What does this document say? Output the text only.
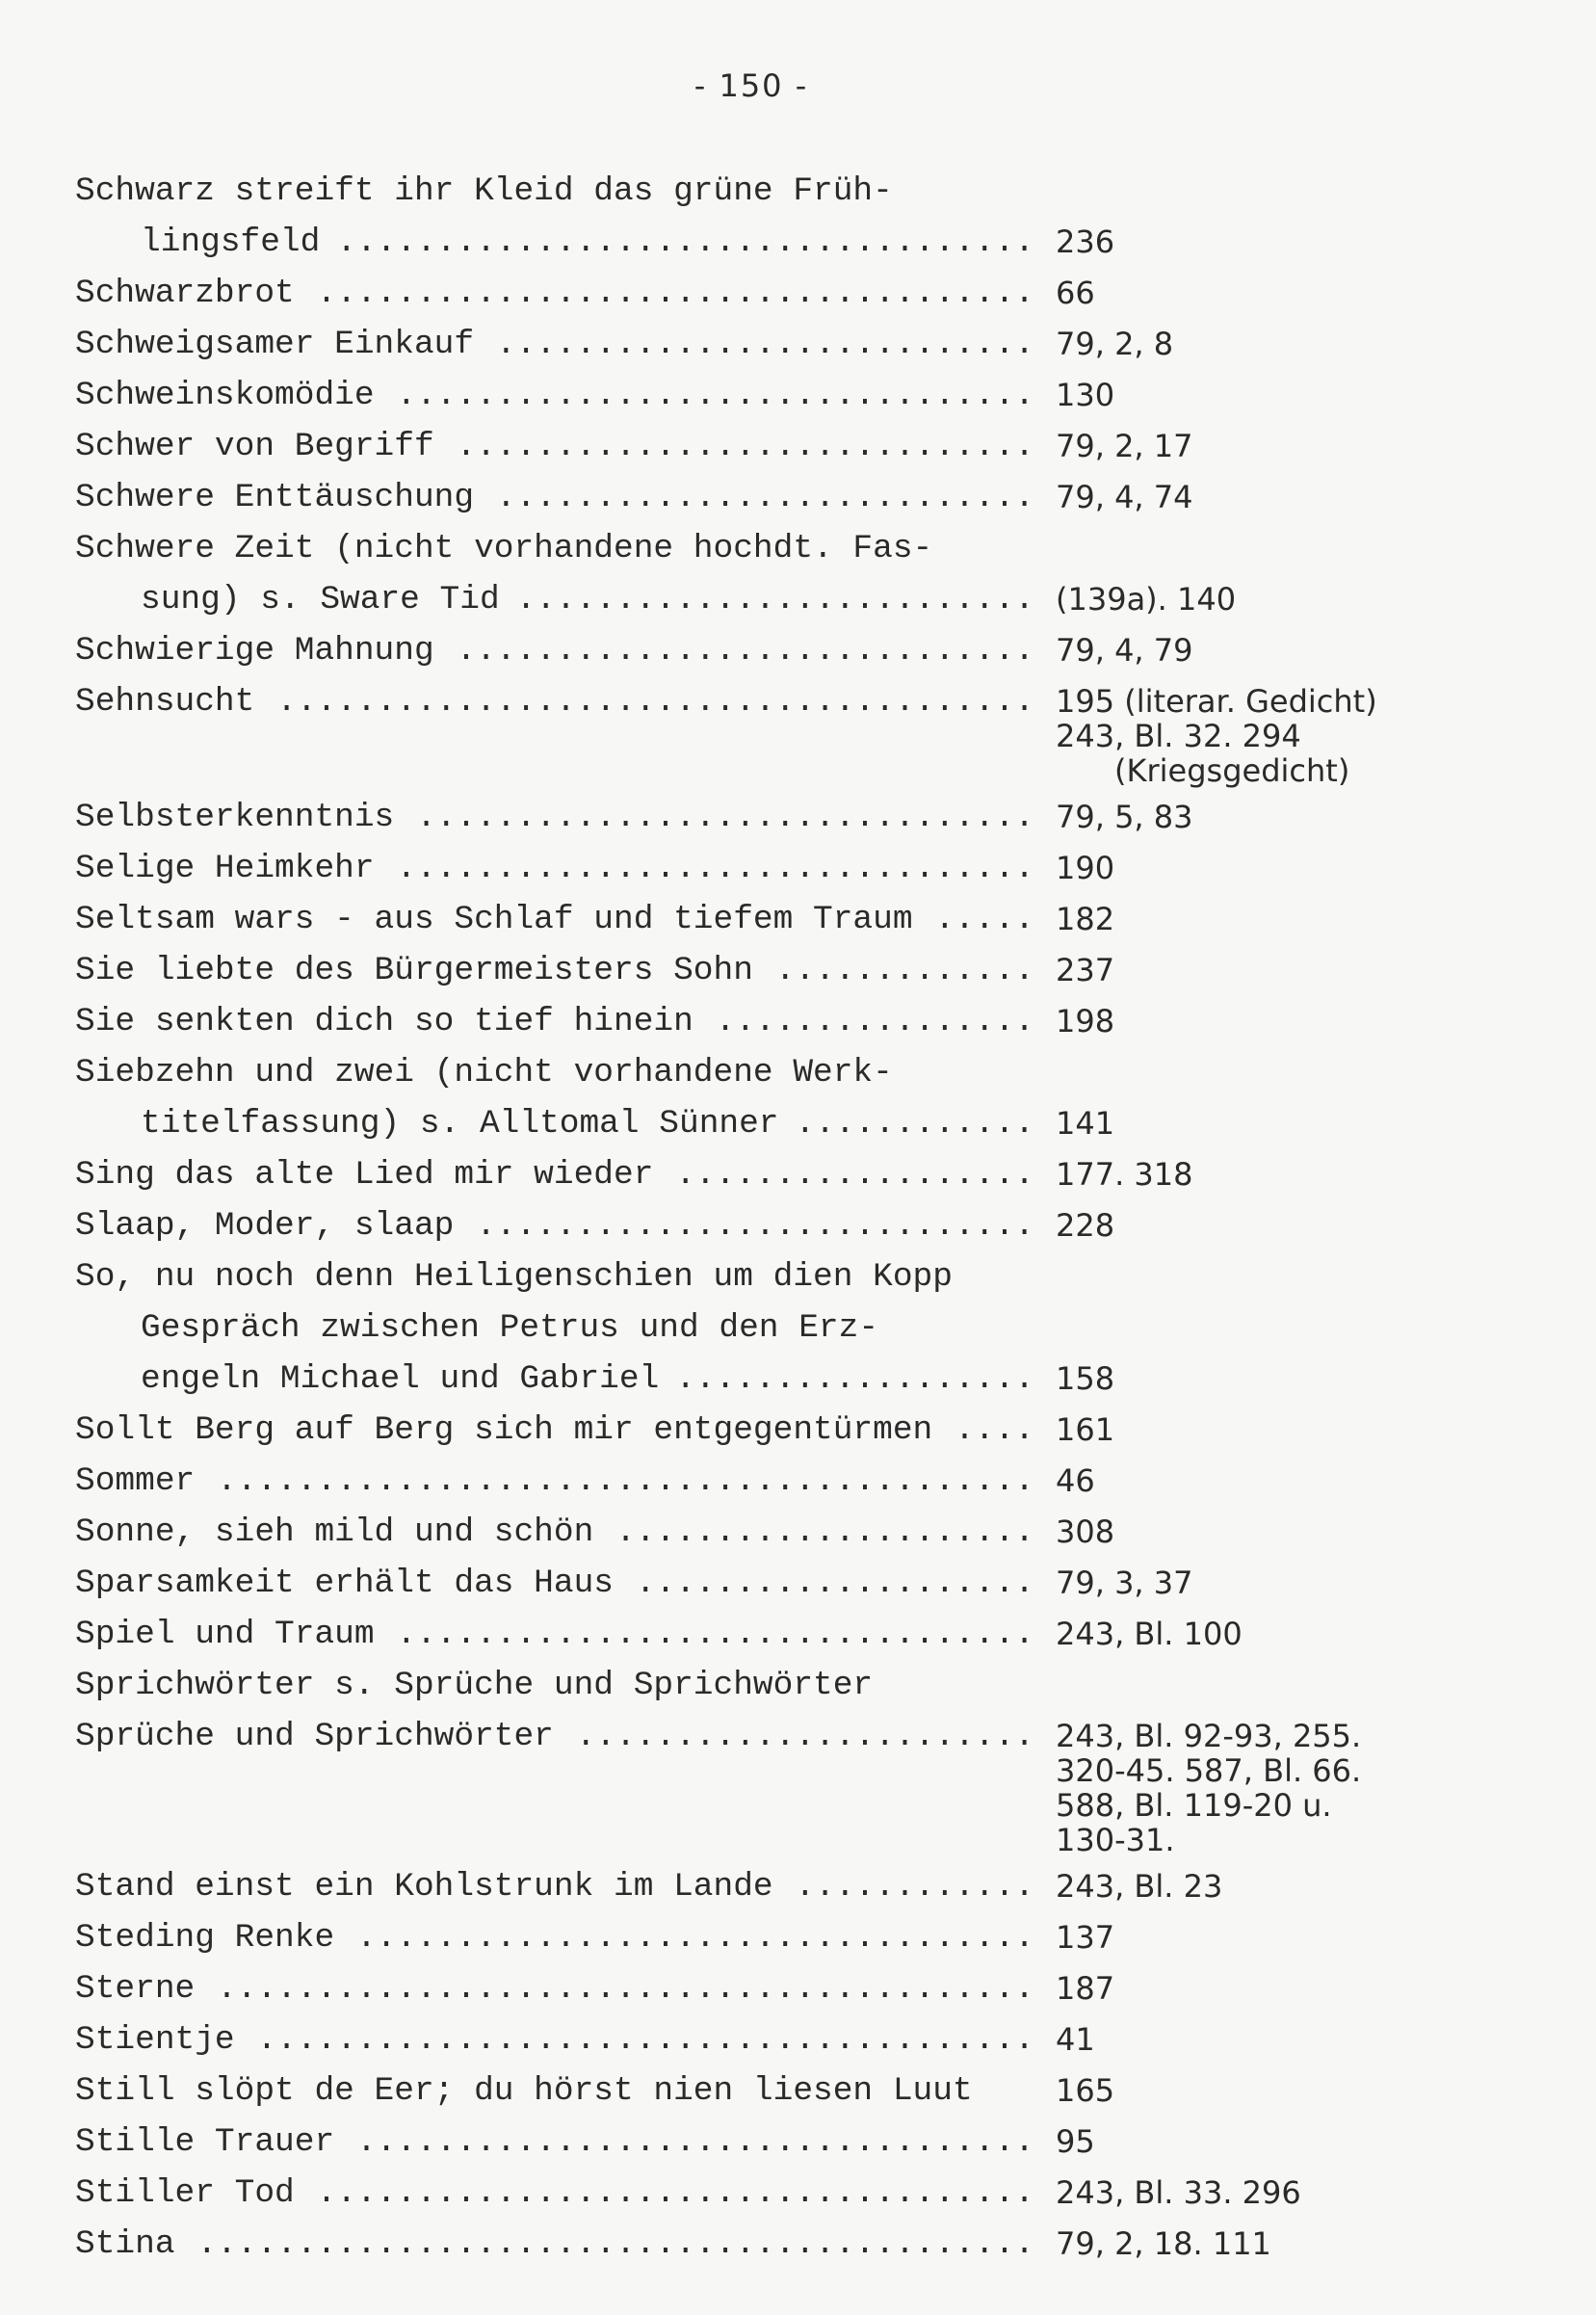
- 150 -
Schwarz streift ihr Kleid das grüne Früh-
lingsfeld ................................... 236
Schwarzbrot .................................... 66
Schweigsamer Einkauf ........................... 79, 2, 8
Schweinskomödie ................................ 130
Schwer von Begriff ............................. 79, 2, 17
Schwere Enttäuschung ........................... 79, 4, 74
Schwere Zeit (nicht vorhandene hochdt. Fas-
sung) s. Sware Tid .......................... (139a). 140
Schwierige Mahnung ............................. 79, 4, 79
Sehnsucht ...................................... 195 (literar. Gedicht)
243, Bl. 32. 294
(Kriegsgedicht)
Selbsterkenntnis ............................... 79, 5, 83
Selige Heimkehr ................................ 190
Seltsam wars - aus Schlaf und tiefem Traum ..... 182
Sie liebte des Bürgermeisters Sohn ............. 237
Sie senkten dich so tief hinein ................ 198
Siebzehn und zwei (nicht vorhandene Werk-
titelfassung) s. Alltomal Sünner ............ 141
Sing das alte Lied mir wieder .................. 177. 318
Slaap, Moder, slaap ............................ 228
So, nu noch denn Heiligenschien um dien Kopp
Gespräch zwischen Petrus und den Erz-
engeln Michael und Gabriel .................. 158
Sollt Berg auf Berg sich mir entgegentürmen .... 161
Sommer ......................................... 46
Sonne, sieh mild und schön ..................... 308
Sparsamkeit erhält das Haus .................... 79, 3, 37
Spiel und Traum ................................ 243, Bl. 100
Sprichwörter s. Sprüche und Sprichwörter
Sprüche und Sprichwörter ....................... 243, Bl. 92-93, 255.
320-45. 587, Bl. 66.
588, Bl. 119-20 u.
130-31.
Stand einst ein Kohlstrunk im Lande ............ 243, Bl. 23
Steding Renke .................................. 137
Sterne ......................................... 187
Stientje ....................................... 41
Still slöpt de Eer; du hörst nien liesen Luut	165
Stille Trauer .................................. 95
Stiller Tod .................................... 243, Bl. 33. 296
Stina .......................................... 79, 2, 18. 111
